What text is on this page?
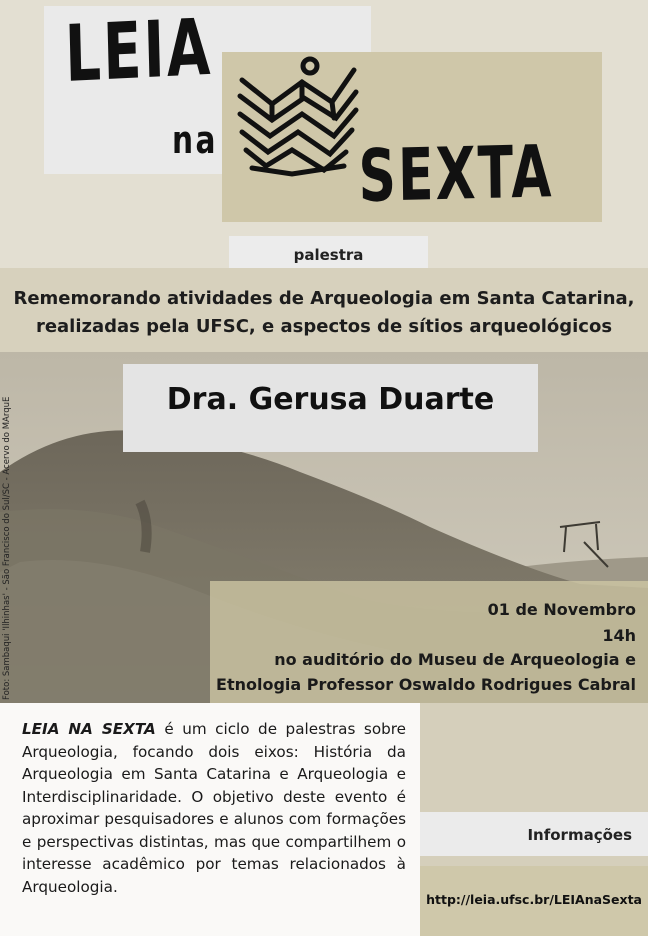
LEIA
na SEXTA
palestra
Rememorando atividades de Arqueologia em Santa Catarina,
realizadas pela UFSC, e aspectos de sítios arqueológicos
Dra. Gerusa Duarte
Foto: Sambaqui 'Ilhinhas' - São Francisco do Sul/SC - Acervo do MArquE	01 de Novembro
14h
no auditório do Museu de Arqueologia e
Etnologia Professor Oswaldo Rodrigues Cabral
LEIA NA SEXTA é um ciclo de palestras sobre Arqueologia, focando dois eixos: História da Arqueologia em Santa Catarina e Arqueologia e Interdisciplinaridade. O objetivo deste evento é aproximar pesquisadores e alunos com formações e perspectivas distintas, mas que compartilhem o interesse acadêmico por temas relacionados à Arqueologia.
Informações
http://leia.ufsc.br/LEIAnaSexta
